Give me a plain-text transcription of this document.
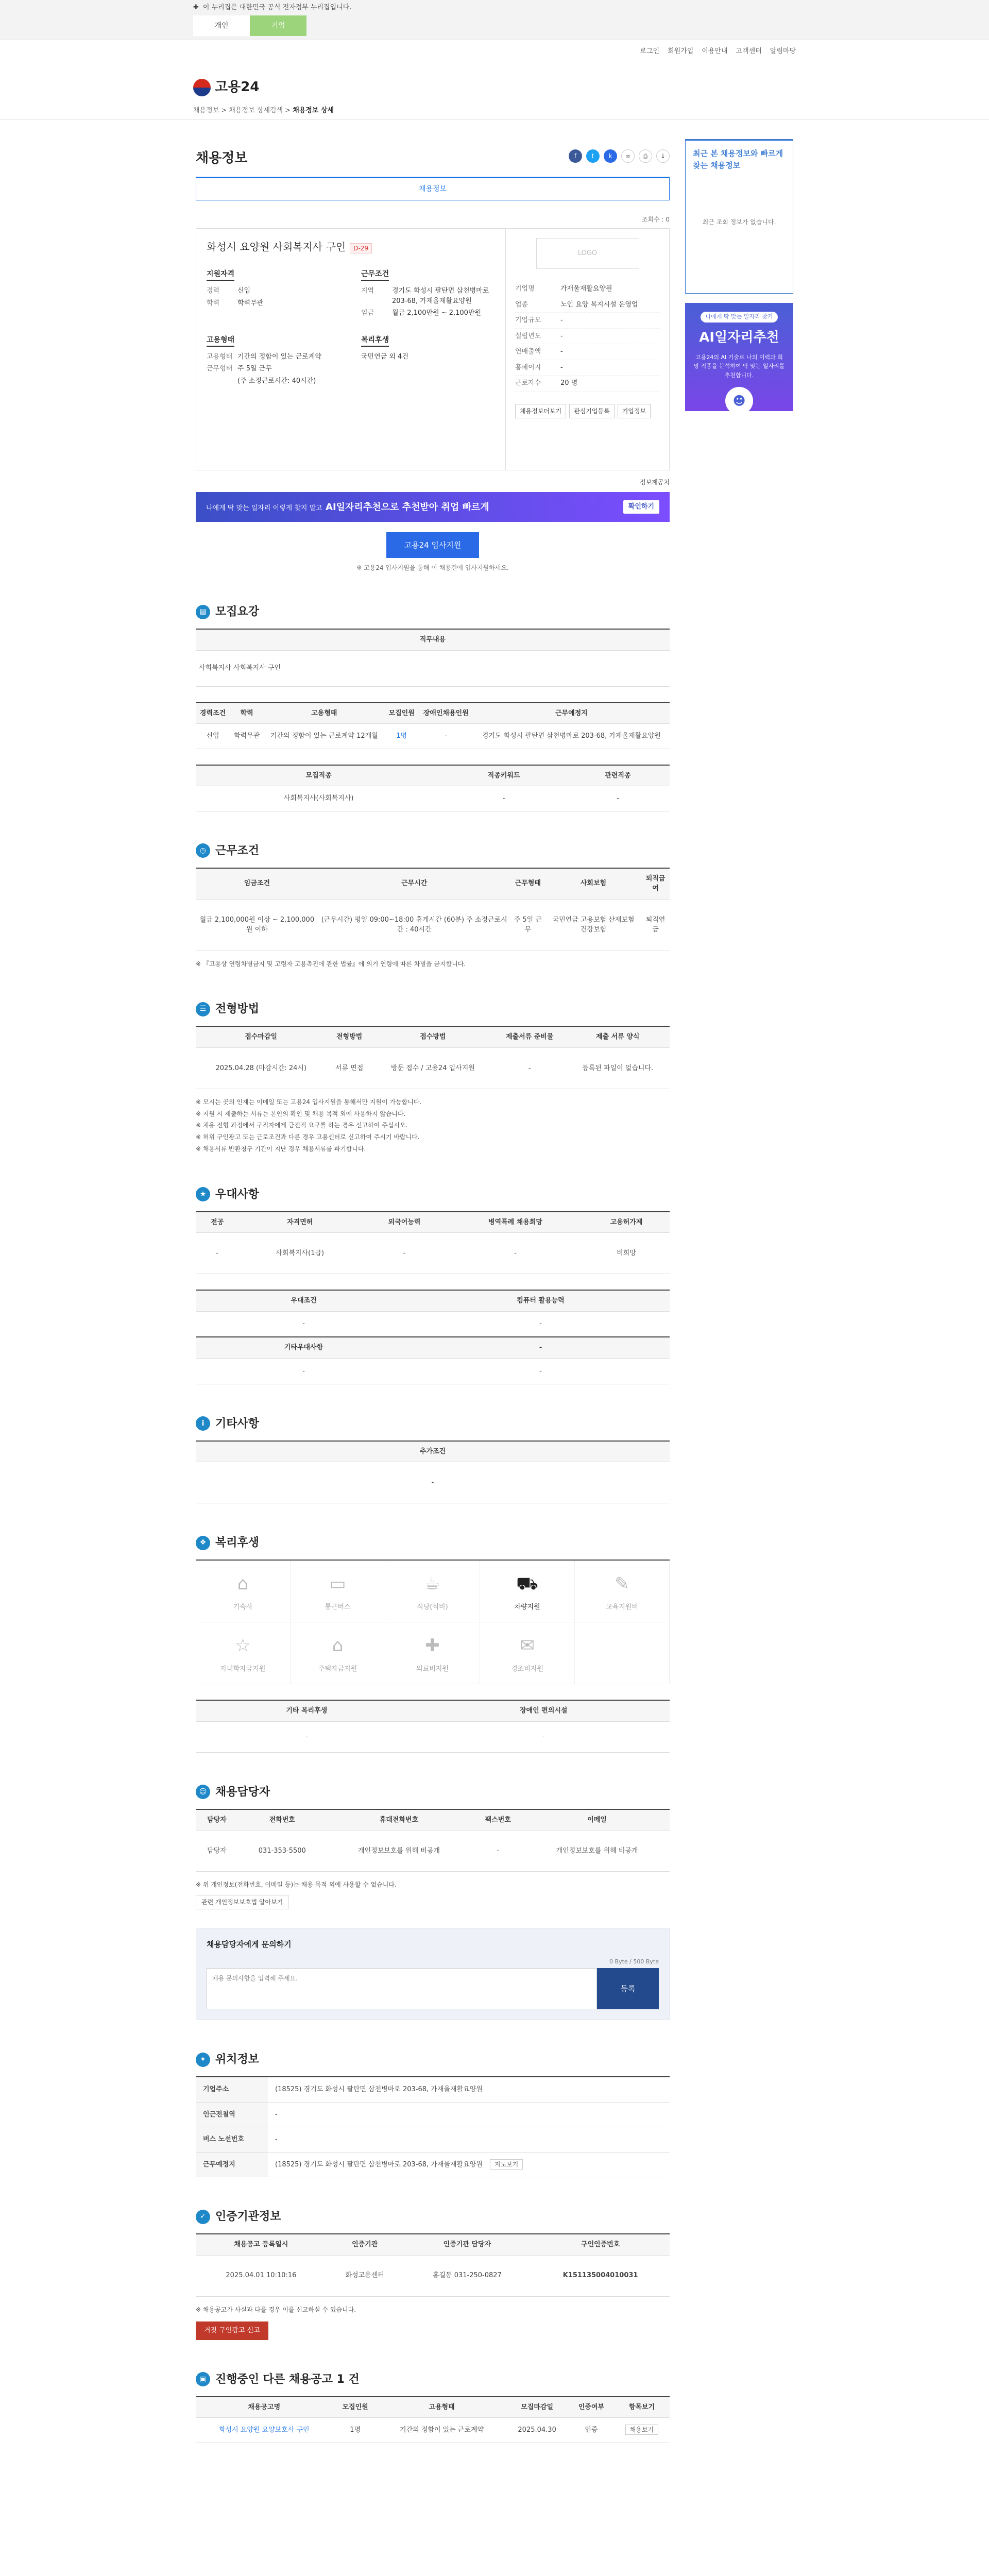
✚ 이 누리집은 대한민국 공식 전자정부 누리집입니다.
개인	기업
로그인 회원가입 이용안내 고객센터 알림마당
고용24
채용정보 > 채용정보 상세검색 > 채용정보 상세
채용정보	f	t	k	∞	⎙	↓
채용정보
조회수 : 0
화성시 요양원 사회복지사 구인 D-29
지원자격
경력	신입
학력	학력무관
근무조건
지역	경기도 화성시 팔탄면 삼천병마로 203-68, 가재울재활요양원
임금	월급 2,100만원 ~ 2,100만원
고용형태
고용형태 기간의 정함이 있는 근로계약
근무형태 주 5일 근무
(주 소정근로시간: 40시간)
복리후생
국민연금 외 4건
LOGO
기업명	가재울재활요양원
업종	노인 요양 복지시설 운영업
기업규모	-
설립년도	-
연매출액	-
홈페이지	-
근로자수	20 명
채용정보더보기	관심기업등록	기업정보
정보제공처
나에게 딱 맞는 일자리 이렇게 찾지 말고 AI일자리추천으로 추천받아 취업 빠르게	확인하기
고용24 입사지원
※ 고용24 입사지원을 통해 이 채용건에 입사지원하세요.
▤ 모집요강
직무내용
사회복지사 사회복지사 구인
경력조건	학력	고용형태	모집인원	장애인채용인원	근무예정지
신입	학력무관	기간의 정함이 있는 근로계약 12개월	1명	-	경기도 화성시 팔탄면 삼천병마로 203-68, 가재울재활요양원
모집직종	직종키워드	관련직종
사회복지사(사회복지사)	-	-
◷ 근무조건
임금조건	근무시간	근무형태	사회보험	퇴직급여
월급 2,100,000원 이상 ~ 2,100,000원 이하	(근무시간) 평일 09:00~18:00 휴게시간 (60분) 주 소정근로시간 : 40시간	주 5일 근무	국민연금 고용보험 산재보험 건강보험	퇴직연금
※ 『고용상 연령차별금지 및 고령자 고용촉진에 관한 법률』에 의거 연령에 따른 차별을 금지합니다.
☰ 전형방법
접수마감일	전형방법	접수방법	제출서류 준비물	제출 서류 양식
2025.04.28 (마감시간: 24시)	서류 면접	방문 접수 / 고용24 입사지원	-	등록된 파일이 없습니다.
※ 모시는 곳의 인재는 이메일 또는 고용24 입사지원을 통해서만 지원이 가능합니다.
※ 지원 시 제출하는 서류는 본인의 확인 및 채용 목적 외에 사용하지 않습니다.
※ 채용 전형 과정에서 구직자에게 금전적 요구를 하는 경우 신고하여 주십시오.
※ 허위 구인광고 또는 근로조건과 다른 경우 고용센터로 신고하여 주시기 바랍니다.
※ 채용서류 반환청구 기간이 지난 경우 채용서류를 파기합니다.
★ 우대사항
전공	자격면허	외국어능력	병역특례 채용희망	고용허가제
-	사회복지사(1급)	-	-	비희망
우대조건	컴퓨터 활용능력
-	-
기타우대사항	-
-	-
i 기타사항
추가조건
-
❖ 복리후생
⌂
기숙사
▭
통근버스
☕
식당(식비)
⛟
차량지원
✎
교육지원비
☆
자녀학자금지원
⌂
주택자금지원
✚
의료비지원
✉
경조비지원
기타 복리후생	장애인 편의시설
-	-
☺ 채용담당자
담당자	전화번호	휴대전화번호	팩스번호	이메일
담당자	031-353-5500	개인정보보호를 위해 비공개	-	개인정보보호를 위해 비공개
※ 위 개인정보(전화번호, 이메일 등)는 채용 목적 외에 사용할 수 없습니다.
관련 개인정보보호법 알아보기
채용담당자에게 문의하기
0 Byte / 500 Byte
채용 문의사항을 입력해 주세요.
등록
⌖ 위치정보
기업주소	(18525) 경기도 화성시 팔탄면 삼천병마로 203-68, 가재울재활요양원
인근전철역	-
버스 노선번호	-
근무예정지	(18525) 경기도 화성시 팔탄면 삼천병마로 203-68, 가재울재활요양원 지도보기
✓ 인증기관정보
채용공고 등록일시	인증기관	인증기관 담당자	구인인증번호
2025.04.01 10:10:16	화성고용센터	홍길동 031-250-0827	K151135004010031
※ 채용공고가 사실과 다를 경우 이를 신고하실 수 있습니다.
거짓 구인광고 신고
▣ 진행중인 다른 채용공고 1 건
채용공고명	모집인원	고용형태	모집마감일	인증여부	항목보기
화성시 요양원 요양보호사 구인	1명	기간의 정함이 있는 근로계약	2025.04.30	인증	채용보기
최근 본 채용정보와 빠르게 찾는 채용정보

최근 조회 정보가 없습니다.

나에게 딱 맞는 일자리 찾기
AI일자리추천

고용24의 AI 기술로 나의 이력과 희망 직종을 분석하여 딱 맞는 일자리를 추천합니다.

☻
